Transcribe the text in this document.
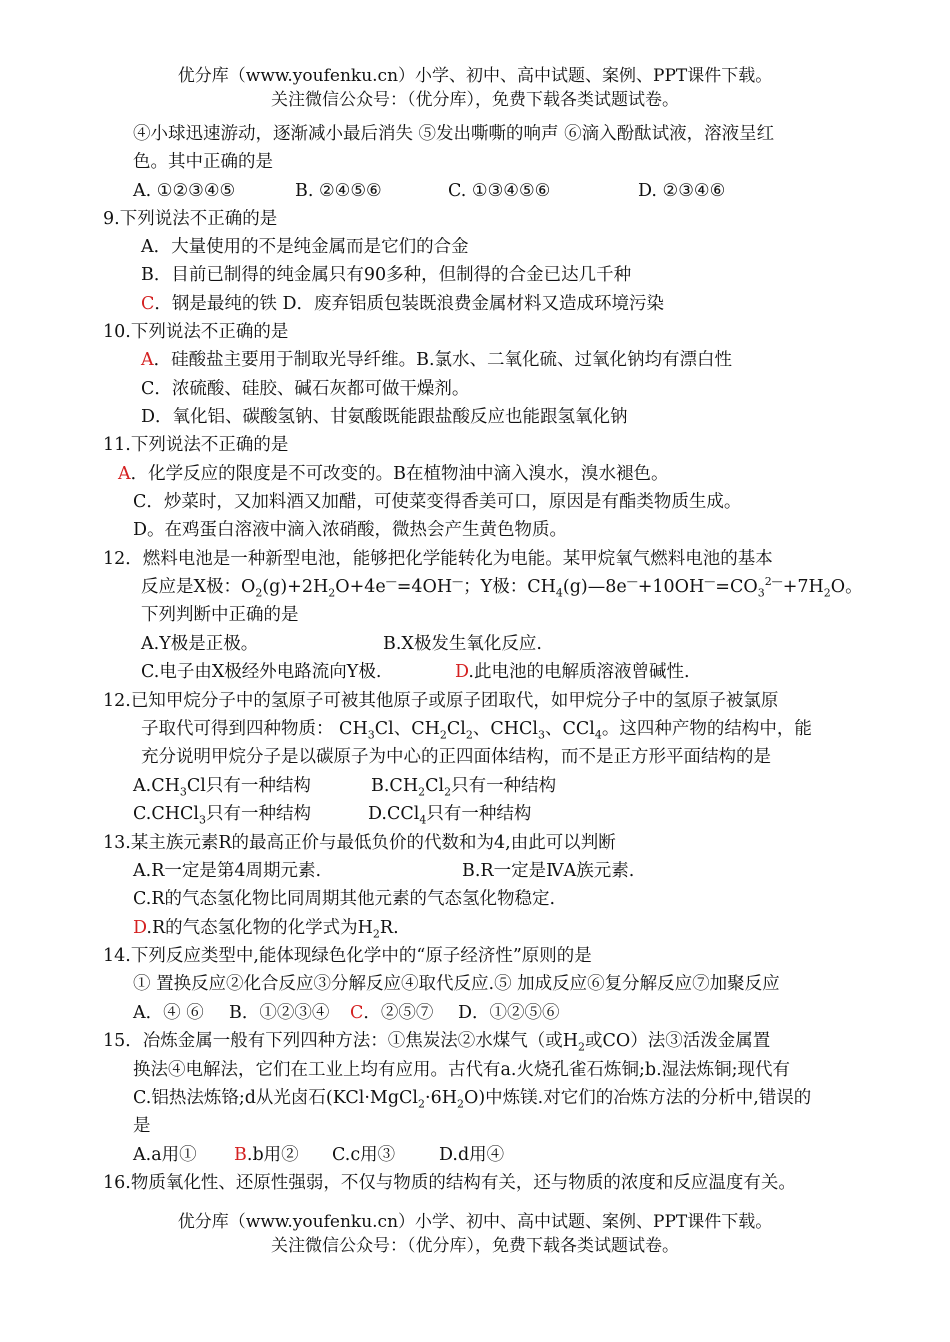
优分库（www.youfenku.cn）小学、初中、高中试题、案例、PPT课件下载。
关注微信公众号：（优分库），免费下载各类试题试卷。
④小球迅速游动，逐渐减小最后消失 ⑤发出嘶嘶的响声 ⑥滴入酚酞试液，溶液呈红
色。其中正确的是
A. ①②③④⑤	B. ②④⑤⑥	C. ①③④⑤⑥	D. ②③④⑥
9.下列说法不正确的是
A．大量使用的不是纯金属而是它们的合金
B．目前已制得的纯金属只有90多种，但制得的合金已达几千种
C．钢是最纯的铁 D．废弃铝质包装既浪费金属材料又造成环境污染
10.下列说法不正确的是
A．硅酸盐主要用于制取光导纤维。B.氯水、二氧化硫、过氧化钠均有漂白性
C．浓硫酸、硅胶、碱石灰都可做干燥剂。
D．氧化铝、碳酸氢钠、甘氨酸既能跟盐酸反应也能跟氢氧化钠
11.下列说法不正确的是
A．化学反应的限度是不可改变的。B在植物油中滴入溴水，溴水褪色。
C．炒菜时，又加料酒又加醋，可使菜变得香美可口，原因是有酯类物质生成。
D。在鸡蛋白溶液中滴入浓硝酸，微热会产生黄色物质。
12．燃料电池是一种新型电池，能够把化学能转化为电能。某甲烷氧气燃料电池的基本
反应是X极：$O_2(g)+2H_2O+4e^—=4OH^—$；Y极：$CH_4(g)—8e^—+10OH^—=CO_3^{2—}+7H_2O$。
下列判断中正确的是
A.Y极是正极。	B.X极发生氧化反应.
C.电子由X极经外电路流向Y极.	D.此电池的电解质溶液曾碱性.
12.已知甲烷分子中的氢原子可被其他原子或原子团取代，如甲烷分子中的氢原子被氯原
子取代可得到四种物质： $CH_3Cl$、$CH_2Cl_2$、CHCl$_3$、CCl$_4$。这四种产物的结构中，能
充分说明甲烷分子是以碳原子为中心的正四面体结构，而不是正方形平面结构的是
$A.CH_3Cl$只有一种结构	$B.CH_2Cl_2$只有一种结构
C.CHCl$_3$只有一种结构	D.CCl$_4$只有一种结构
13.某主族元素R的最高正价与最低负价的代数和为4,由此可以判断
A.R一定是第4周期元素.	B.R一定是ⅣA族元素.
C.R的气态氢化物比同周期其他元素的气态氢化物稳定.
D.R的气态氢化物的化学式为$H_2R$.
14.下列反应类型中,能体现绿色化学中的“原子经济性”原则的是
① 置换反应②化合反应③分解反应④取代反应.⑤ 加成反应⑥复分解反应⑦加聚反应
A．④ ⑥ B．①②③④ C．②⑤⑦ D．①②⑤⑥
15．冶炼金属一般有下列四种方法：①焦炭法②水煤气（或$H_2$或CO）法③活泼金属置
换法④电解法，它们在工业上均有应用。古代有a.火烧孔雀石炼铜;b.湿法炼铜;现代有
C.铝热法炼铬;d从光卤石$(KCl\cdot MgCl_2\cdot 6H_2O)$中炼镁.对它们的冶炼方法的分析中,错误的
是
A.a用① B.b用② C.c用③	D.d用④
16.物质氧化性、还原性强弱，不仅与物质的结构有关，还与物质的浓度和反应温度有关。
优分库（www.youfenku.cn）小学、初中、高中试题、案例、PPT课件下载。
关注微信公众号：（优分库），免费下载各类试题试卷。
